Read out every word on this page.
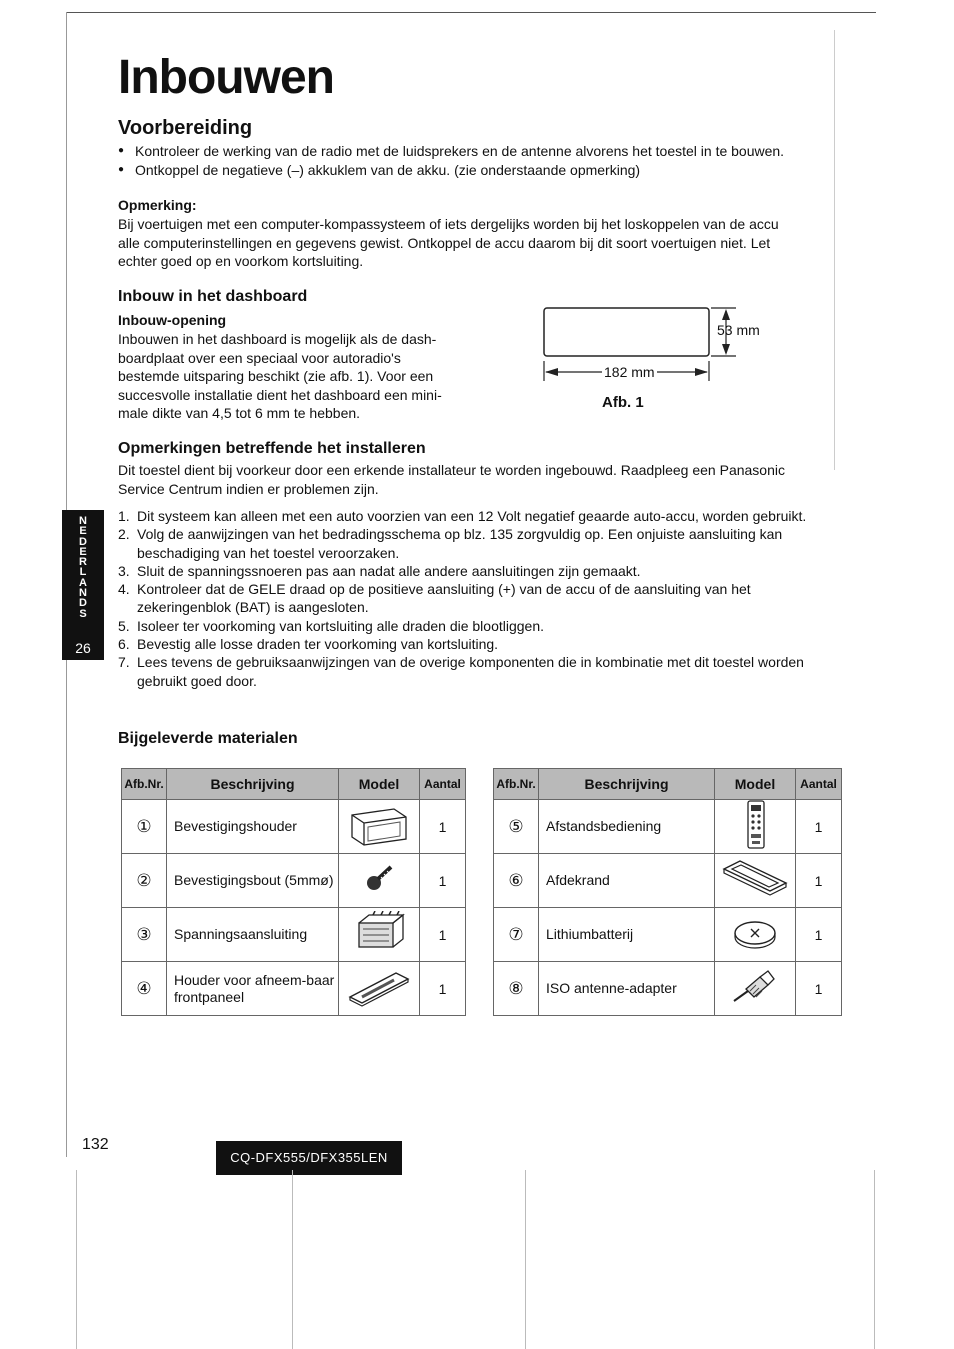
Inbouwen
Voorbereiding
● Kontroleer de werking van de radio met de luidsprekers en de antenne alvorens het toestel in te bouwen.
● Ontkoppel de negatieve (–) akkuklem van de akku. (zie onderstaande opmerking)
Opmerking:
Bij voertuigen met een computer-kompassysteem of iets dergelijks worden bij het loskoppelen van de accu
alle computerinstellingen en gegevens gewist. Ontkoppel de accu daarom bij dit soort voertuigen niet. Let
echter goed op en voorkom kortsluiting.
Inbouw in het dashboard
Inbouw-opening
Inbouwen in het dashboard is mogelijk als de dash-
boardplaat over een speciaal voor autoradio's
bestemde uitsparing beschikt (zie afb. 1). Voor een
succesvolle installatie dient het dashboard een mini-
male dikte van 4,5 tot 6 mm te hebben.
53 mm
182 mm
Afb. 1
Opmerkingen betreffende het installeren
Dit toestel dient bij voorkeur door een erkende installateur te worden ingebouwd. Raadpleeg een Panasonic
Service Centrum indien er problemen zijn.
1. Dit systeem kan alleen met een auto voorzien van een 12 Volt negatief geaarde auto-accu, worden gebruikt.
2. Volg de aanwijzingen van het bedradingsschema op blz. 135 zorgvuldig op. Een onjuiste aansluiting kan beschadiging van het toestel veroorzaken.
3. Sluit de spanningssnoeren pas aan nadat alle andere aansluitingen zijn gemaakt.
4. Kontroleer dat de GELE draad op de positieve aansluiting (+) van de accu of de aansluiting van het zekeringenblok (BAT) is aangesloten.
5. Isoleer ter voorkoming van kortsluiting alle draden die blootliggen.
6. Bevestig alle losse draden ter voorkoming van kortsluiting.
7. Lees tevens de gebruiksaanwijzingen van de overige komponenten die in kombinatie met dit toestel worden gebruikt goed door.
Bijgeleverde materialen
Afb.Nr.	Beschrijving	Model	Aantal
①	Bevestigingshouder		1
②	Bevestigingsbout (5mmø)		1
③	Spanningsaansluiting		1
④	Houder voor afneem-baar frontpaneel		1
Afb.Nr.	Beschrijving	Model	Aantal
⑤	Afstandsbediening		1
⑥	Afdekrand		1
⑦	Lithiumbatterij		1
⑧	ISO antenne-adapter		1
N
E
D
E
R
L
A
N
D
S
26
132
CQ-DFX555/DFX355LEN
